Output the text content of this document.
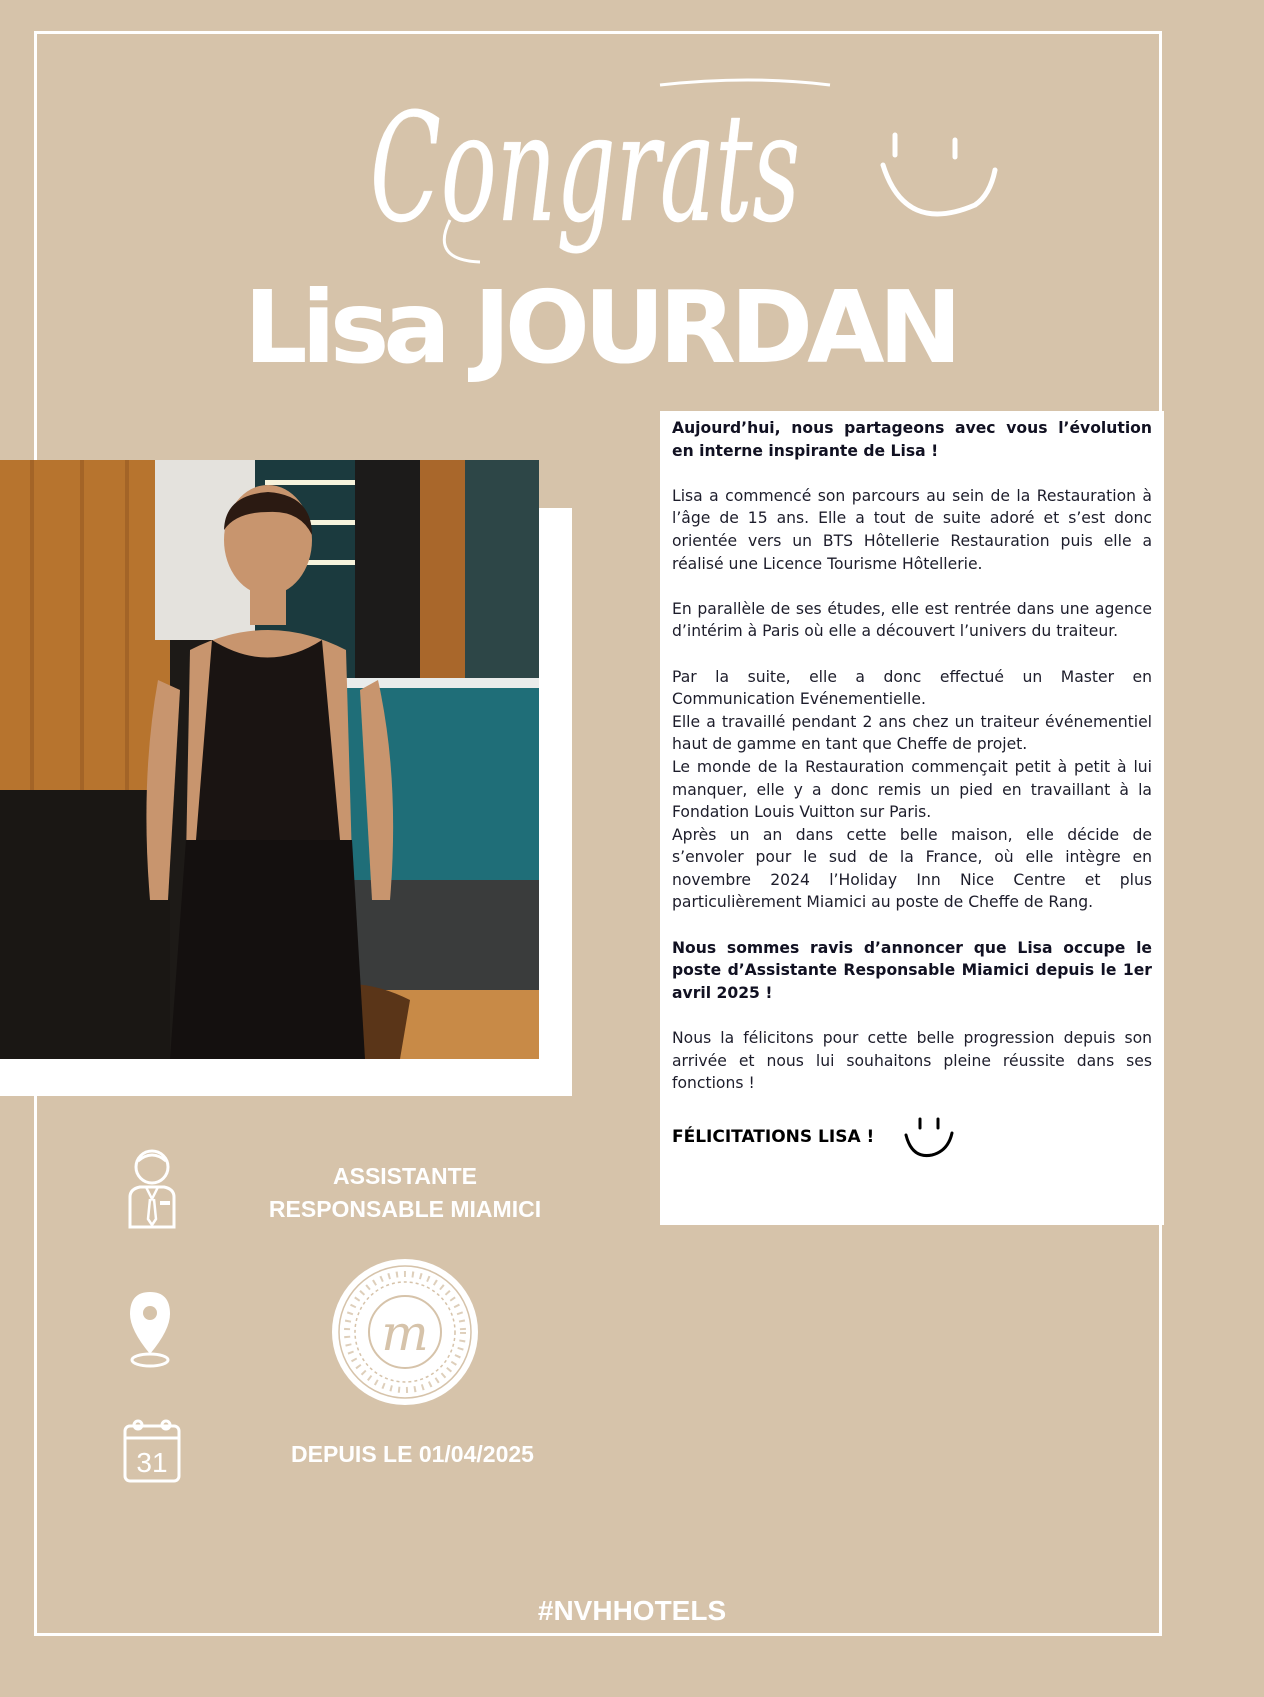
Congrats
Lisa JOURDAN

Aujourd’hui, nous partageons avec vous l’évolution en interne inspirante de Lisa !

Lisa a commencé son parcours au sein de la Restauration à l’âge de 15 ans. Elle a tout de suite adoré et s’est donc orientée vers un BTS Hôtellerie Restauration puis elle a réalisé une Licence Tourisme Hôtellerie.

En parallèle de ses études, elle est rentrée dans une agence d’intérim à Paris où elle a découvert l’univers du traiteur.

Par la suite, elle a donc effectué un Master en Communication Evénementielle.

Elle a travaillé pendant 2 ans chez un traiteur événementiel haut de gamme en tant que Cheffe de projet.

Le monde de la Restauration commençait petit à petit à lui manquer, elle y a donc remis un pied en travaillant à la Fondation Louis Vuitton sur Paris.

Après un an dans cette belle maison, elle décide de s’envoler pour le sud de la France, où elle intègre en novembre 2024 l’Holiday Inn Nice Centre et plus particulièrement Miamici au poste de Cheffe de Rang.

Nous sommes ravis d’annoncer que Lisa occupe le poste d’Assistante Responsable Miamici depuis le 1er avril 2025 !

Nous la félicitons pour cette belle progression depuis son arrivée et nous lui souhaitons pleine réussite dans ses fonctions !

FÉLICITATIONS LISA !
ASSISTANTE
RESPONSABLE MIAMICI
m
31	DEPUIS LE 01/04/2025
#NVHHOTELS
